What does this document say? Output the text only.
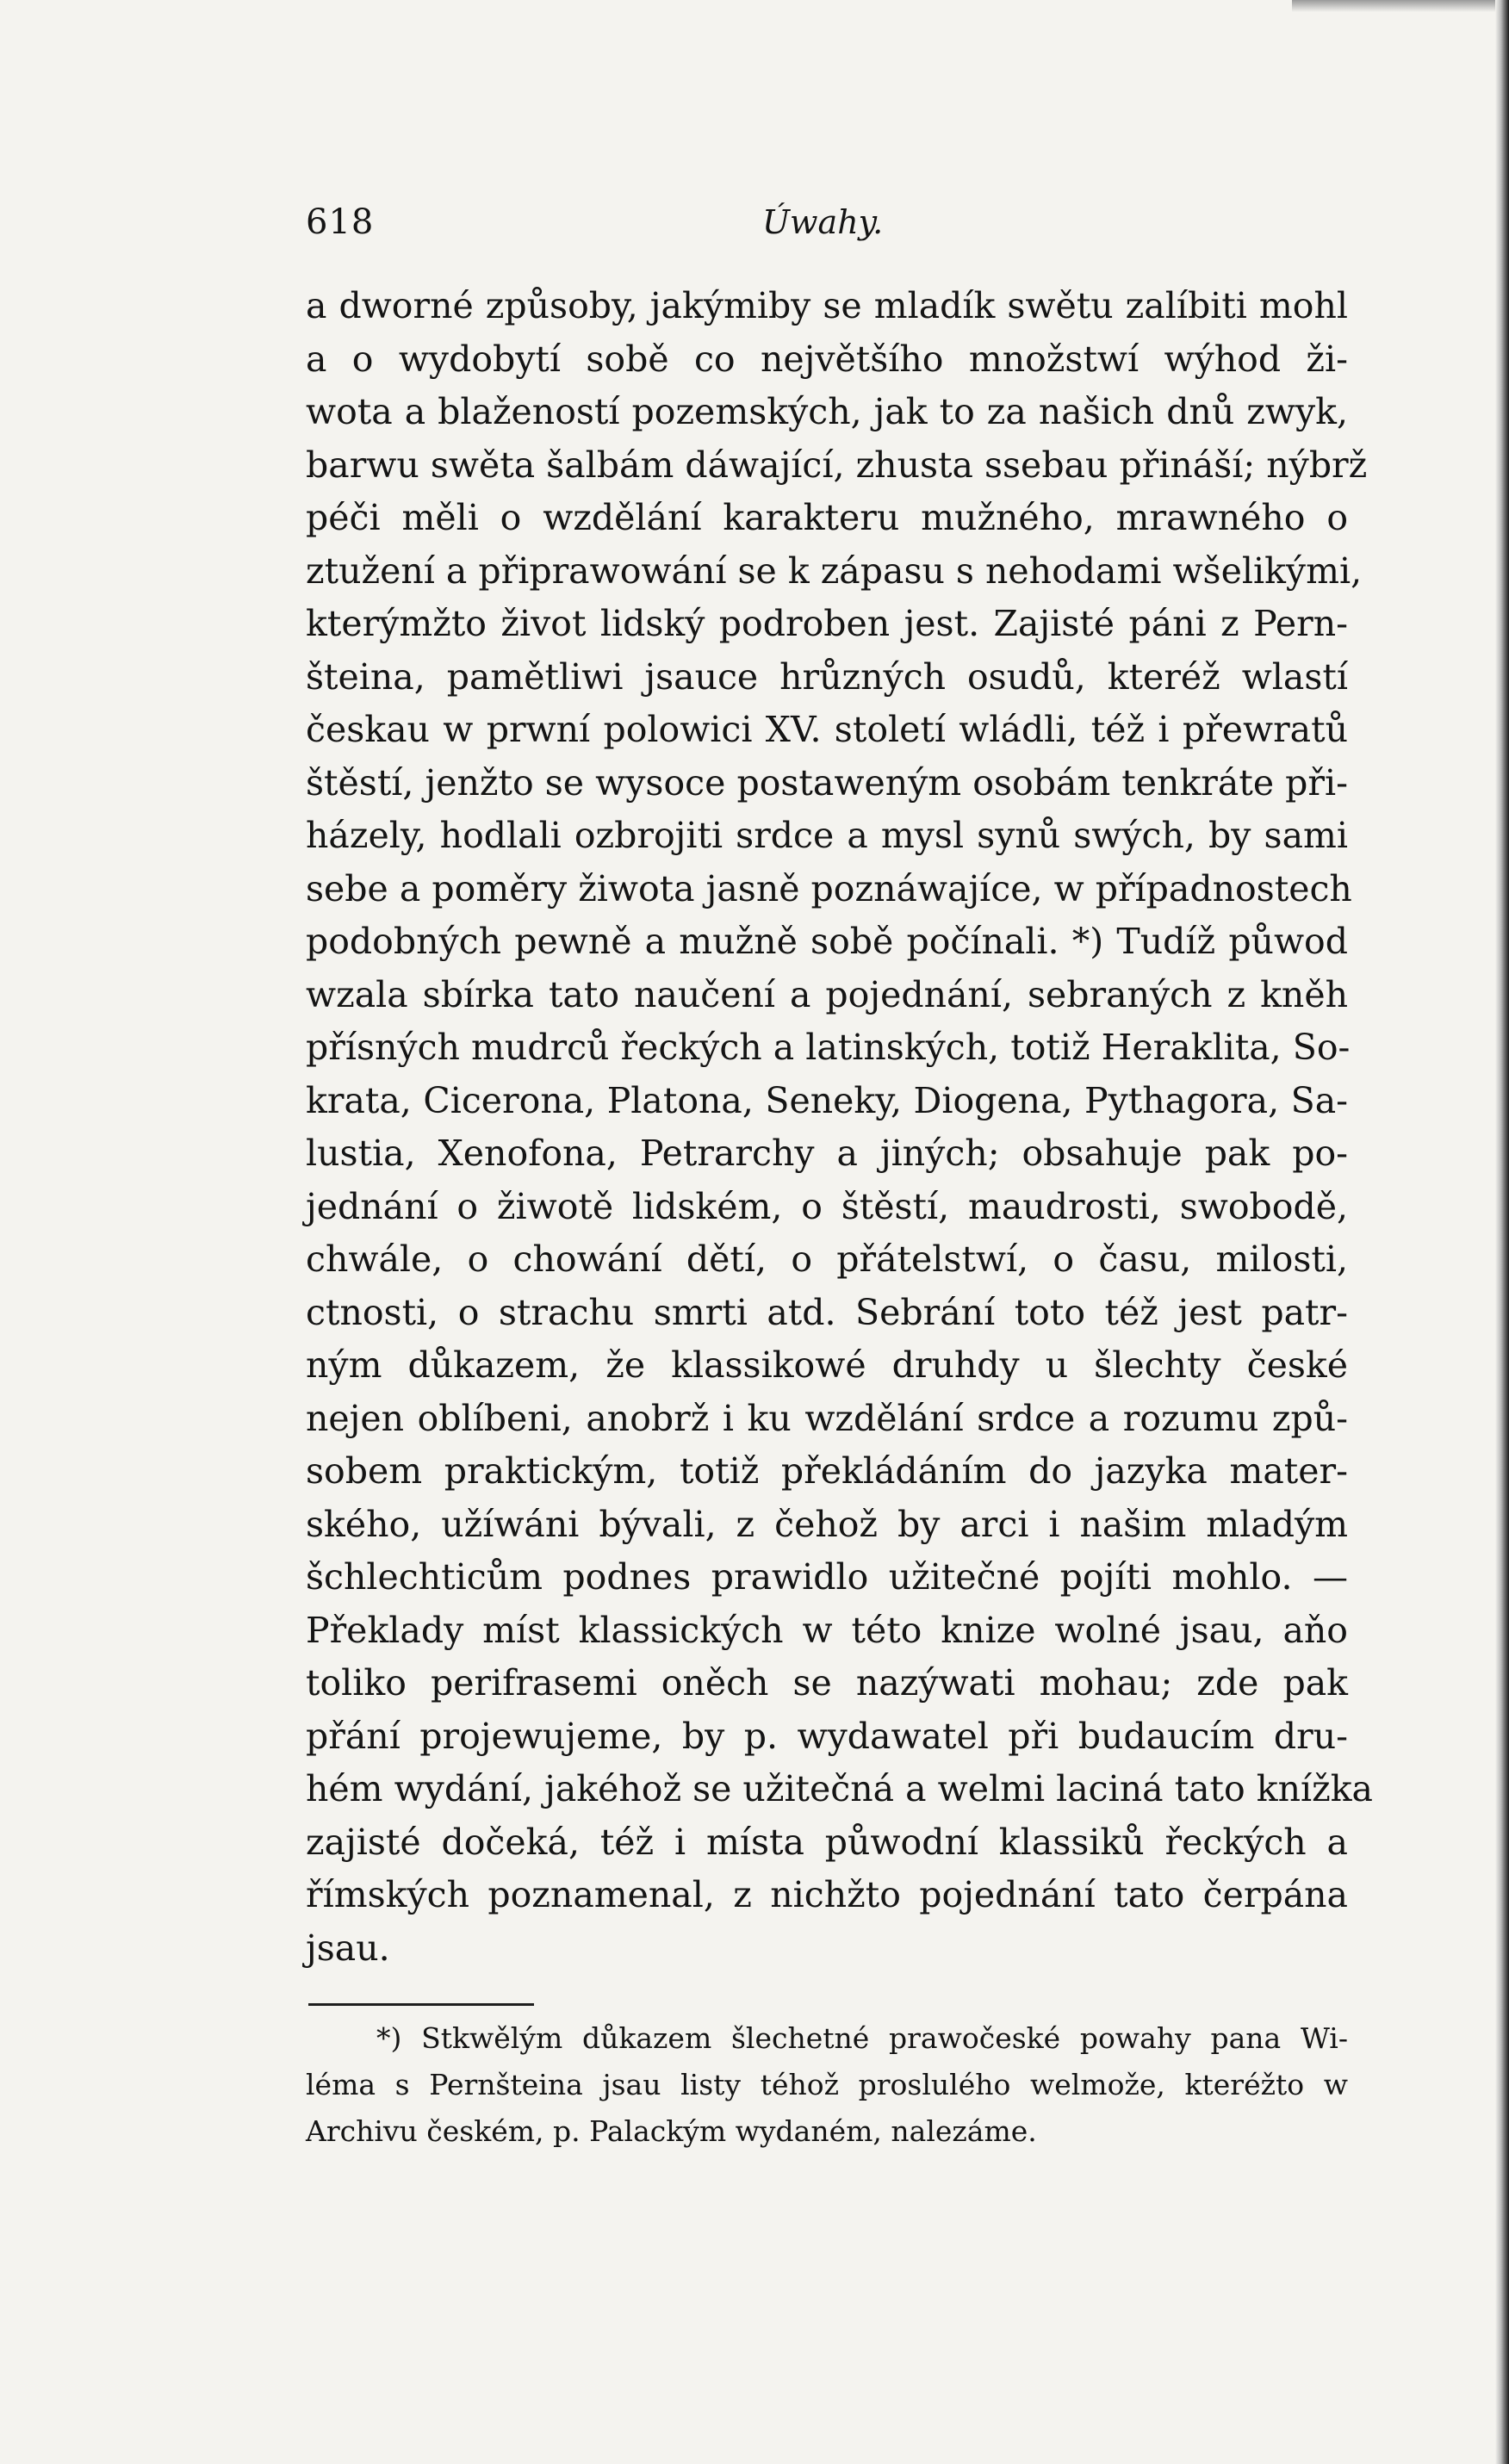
618	Úwahy.
a dworné způsoby, jakýmiby se mladík swětu zalíbiti mohl
a o wydobytí sobě co největšího množstwí wýhod ži-
wota a blažeností pozemských, jak to za našich dnů zwyk,
barwu swěta šalbám dáwající, zhusta ssebau přináší; nýbrž
péči měli o wzdělání karakteru mužného, mrawného o
ztužení a připrawowání se k zápasu s nehodami wšelikými,
kterýmžto život lidský podroben jest. Zajisté páni z Pern-
šteina, pamětliwi jsauce hrůzných osudů, kteréž wlastí
českau w prwní polowici XV. století wládli, též i přewratů
štěstí, jenžto se wysoce postaweným osobám tenkráte při-
házely, hodlali ozbrojiti srdce a mysl synů swých, by sami
sebe a poměry žiwota jasně poznáwajíce, w případnostech
podobných pewně a mužně sobě počínali. *) Tudíž půwod
wzala sbírka tato naučení a pojednání, sebraných z kněh
přísných mudrců řeckých a latinských, totiž Heraklita, So-
krata, Cicerona, Platona, Seneky, Diogena, Pythagora, Sa-
lustia, Xenofona, Petrarchy a jiných; obsahuje pak po-
jednání o žiwotě lidském, o štěstí, maudrosti, swobodě,
chwále, o chowání dětí, o přátelstwí, o času, milosti,
ctnosti, o strachu smrti atd. Sebrání toto též jest patr-
ným důkazem, že klassikowé druhdy u šlechty české
nejen oblíbeni, anobrž i ku wzdělání srdce a rozumu způ-
sobem praktickým, totiž překládáním do jazyka mater-
ského, užíwáni bývali, z čehož by arci i našim mladým
šchlechticům podnes prawidlo užitečné pojíti mohlo. —
Překlady míst klassických w této knize wolné jsau, aňo
toliko perifrasemi oněch se nazýwati mohau; zde pak
přání projewujeme, by p. wydawatel při budaucím dru-
hém wydání, jakéhož se užitečná a welmi laciná tato knížka
zajisté dočeká, též i místa půwodní klassiků řeckých a
římských poznamenal, z nichžto pojednání tato čerpána
jsau.
*) Stkwělým důkazem šlechetné prawočeské powahy pana Wi-
léma s Pernšteina jsau listy téhož proslulého welmože, kteréžto w
Archivu českém, p. Palackým wydaném, nalezáme.
